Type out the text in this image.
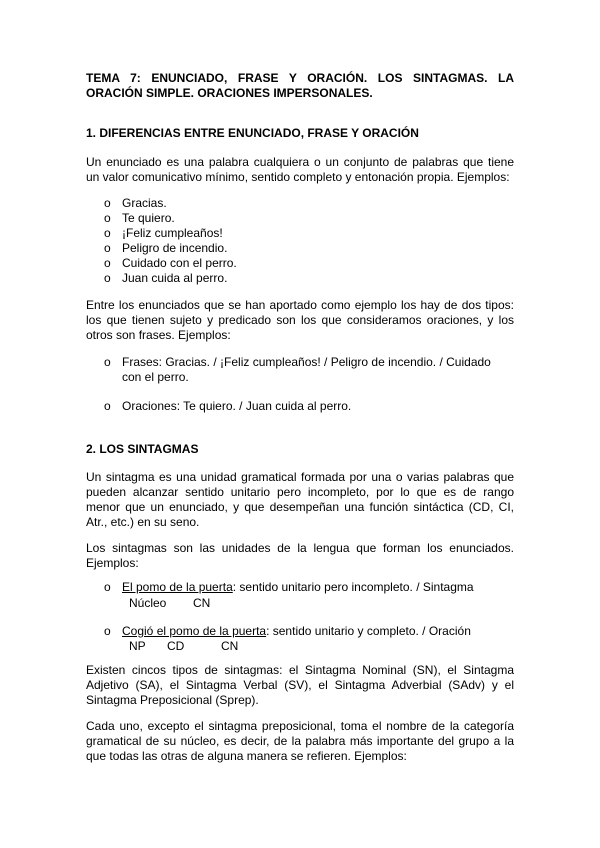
TEMA 7: ENUNCIADO, FRASE Y ORACIÓN. LOS SINTAGMAS. LA
ORACIÓN SIMPLE. ORACIONES IMPERSONALES.
1. DIFERENCIAS ENTRE ENUNCIADO, FRASE Y ORACIÓN
Un enunciado es una palabra cualquiera o un conjunto de palabras que tiene
un valor comunicativo mínimo, sentido completo y entonación propia. Ejemplos:
o Gracias.
o Te quiero.
o ¡Feliz cumpleaños!
o Peligro de incendio.
o Cuidado con el perro.
o Juan cuida al perro.
Entre los enunciados que se han aportado como ejemplo los hay de dos tipos:
los que tienen sujeto y predicado son los que consideramos oraciones, y los
otros son frases. Ejemplos:
o Frases: Gracias. / ¡Feliz cumpleaños! / Peligro de incendio. / Cuidado
con el perro.
o Oraciones: Te quiero. / Juan cuida al perro.
2. LOS SINTAGMAS
Un sintagma es una unidad gramatical formada por una o varias palabras que
pueden alcanzar sentido unitario pero incompleto, por lo que es de rango
menor que un enunciado, y que desempeñan una función sintáctica (CD, CI,
Atr., etc.) en su seno.
Los sintagmas son las unidades de la lengua que forman los enunciados.
Ejemplos:
o El pomo de la puerta: sentido unitario pero incompleto. / Sintagma
Núcleo CN
o Cogió el pomo de la puerta: sentido unitario y completo. / Oración
NP CD	CN
Existen cincos tipos de sintagmas: el Sintagma Nominal (SN), el Sintagma
Adjetivo (SA), el Sintagma Verbal (SV), el Sintagma Adverbial (SAdv) y el
Sintagma Preposicional (Sprep).
Cada uno, excepto el sintagma preposicional, toma el nombre de la categoría
gramatical de su núcleo, es decir, de la palabra más importante del grupo a la
que todas las otras de alguna manera se refieren. Ejemplos:
